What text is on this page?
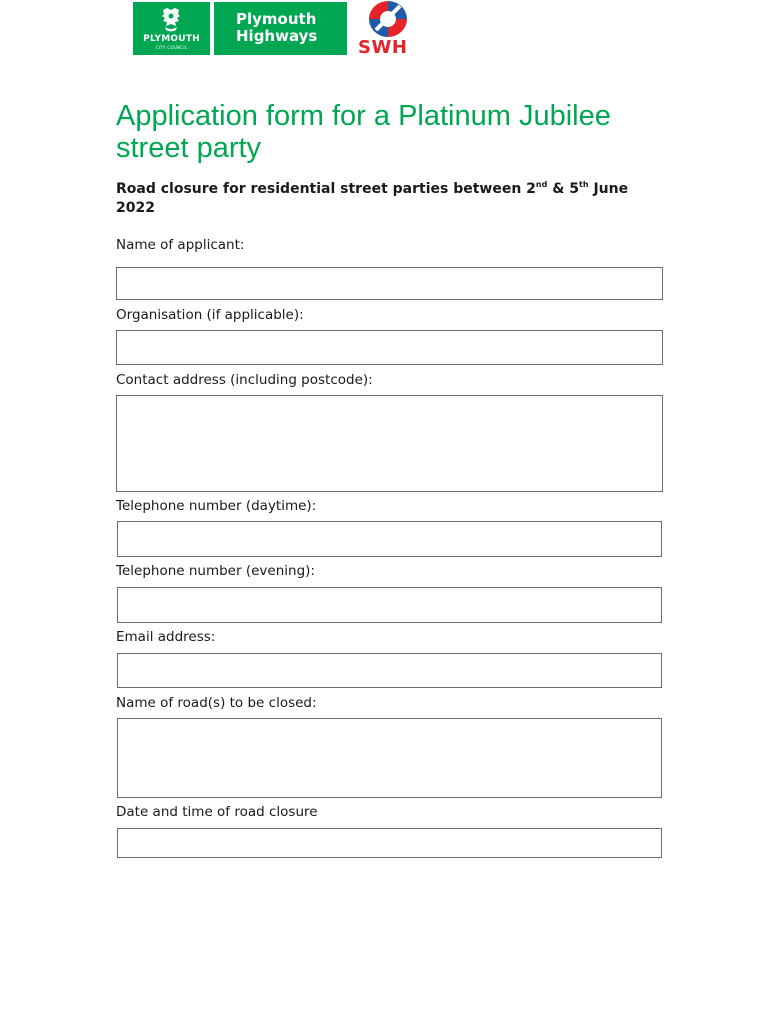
PLYMOUTH
CITY COUNCIL
Plymouth
Highways
SWH
Application form for a Platinum Jubilee street party

Road closure for residential street parties between 2nd & 5th June 2022

Name of applicant:
Organisation (if applicable):
Contact address (including postcode):
Telephone number (daytime):
Telephone number (evening):
Email address:
Name of road(s) to be closed:
Date and time of road closure
